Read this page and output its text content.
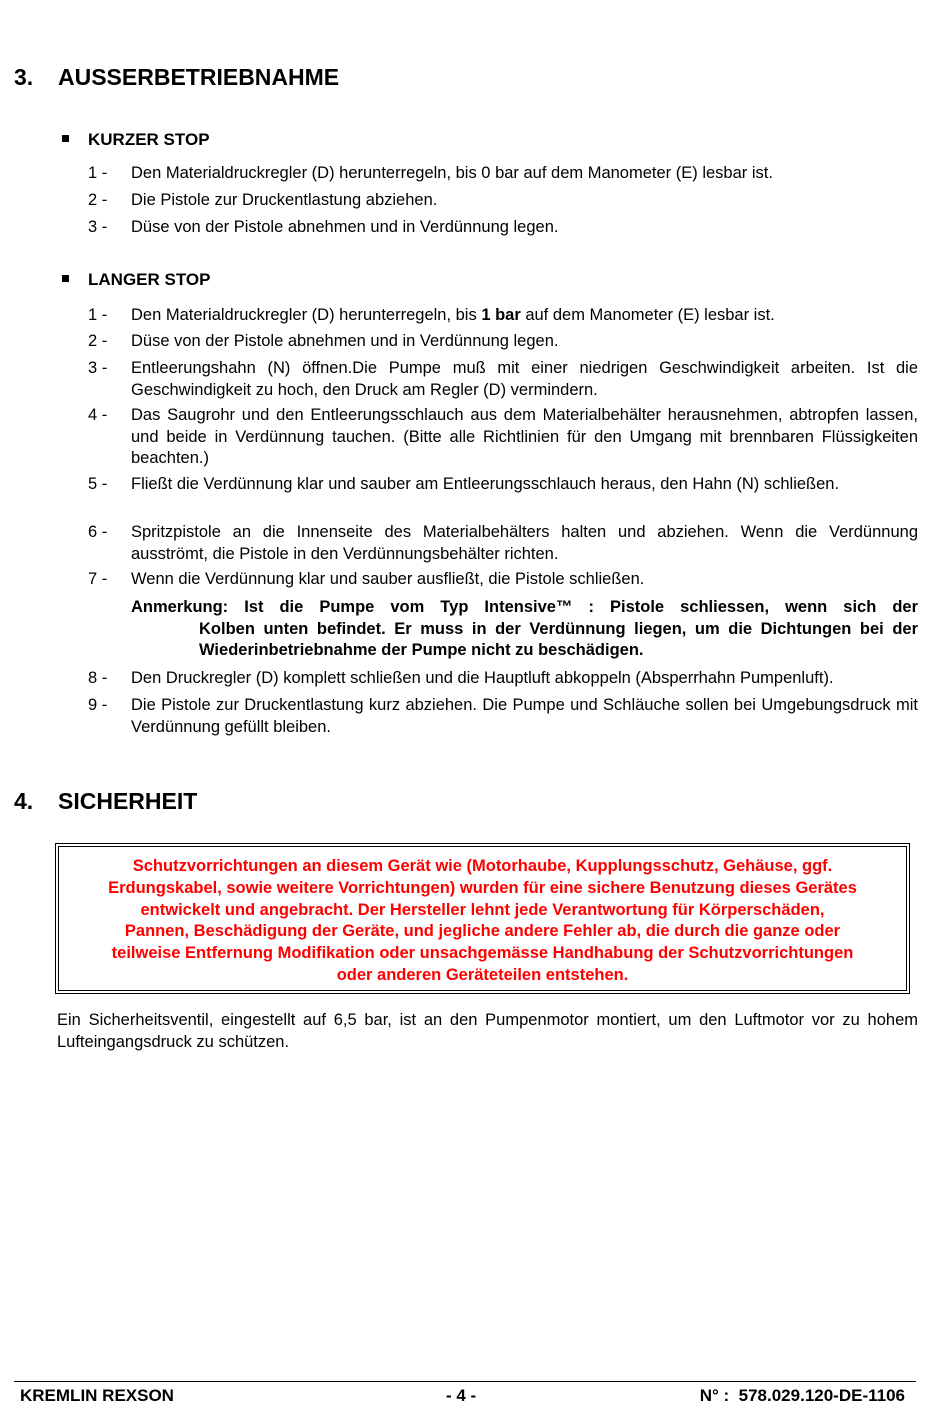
3.	AUSSERBETRIEBNAHME
KURZER STOP
1 -	Den Materialdruckregler (D) herunterregeln, bis 0 bar auf dem Manometer (E) lesbar ist.
2 -	Die Pistole zur Druckentlastung abziehen.
3 -	Düse von der Pistole abnehmen und in Verdünnung legen.
LANGER STOP
1 -	Den Materialdruckregler (D) herunterregeln, bis 1 bar auf dem Manometer (E) lesbar ist.
2 -	Düse von der Pistole abnehmen und in Verdünnung legen.
3 -	Entleerungshahn (N) öffnen.Die Pumpe muß mit einer niedrigen Geschwindigkeit arbeiten. Ist die Geschwindigkeit zu hoch, den Druck am Regler (D) vermindern.
4 -	Das Saugrohr und den Entleerungsschlauch aus dem Materialbehälter herausnehmen, abtropfen lassen, und beide in Verdünnung tauchen. (Bitte alle Richtlinien für den Umgang mit brennbaren Flüssigkeiten beachten.)
5 -	Fließt die Verdünnung klar und sauber am Entleerungsschlauch heraus, den Hahn (N) schließen.
6 -	Spritzpistole an die Innenseite des Materialbehälters halten und abziehen. Wenn die Verdünnung ausströmt, die Pistole in den Verdünnungsbehälter richten.
7 -	Wenn die Verdünnung klar und sauber ausfließt, die Pistole schließen.
Anmerkung: Ist die Pumpe vom Typ Intensive™ : Pistole schliessen, wenn sich der
Kolben unten befindet. Er muss in der Verdünnung liegen, um die Dichtungen bei der Wiederinbetriebnahme der Pumpe nicht zu beschädigen.
8 -	Den Druckregler (D) komplett schließen und die Hauptluft abkoppeln (Absperrhahn Pumpenluft).
9 -	Die Pistole zur Druckentlastung kurz abziehen. Die Pumpe und Schläuche sollen bei Umgebungsdruck mit Verdünnung gefüllt bleiben.
4.	SICHERHEIT
Schutzvorrichtungen an diesem Gerät wie (Motorhaube, Kupplungsschutz, Gehäuse, ggf.
Erdungskabel, sowie weitere Vorrichtungen) wurden für eine sichere Benutzung dieses Gerätes
entwickelt und angebracht. Der Hersteller lehnt jede Verantwortung für Körperschäden,
Pannen, Beschädigung der Geräte, und jegliche andere Fehler ab, die durch die ganze oder
teilweise Entfernung Modifikation oder unsachgemässe Handhabung der Schutzvorrichtungen
oder anderen Geräteteilen entstehen.
Ein Sicherheitsventil, eingestellt auf 6,5 bar, ist an den Pumpenmotor montiert, um den Luftmotor vor zu hohem Lufteingangsdruck zu schützen.
KREMLIN REXSON	- 4 -	N° :  578.029.120-DE-1106
